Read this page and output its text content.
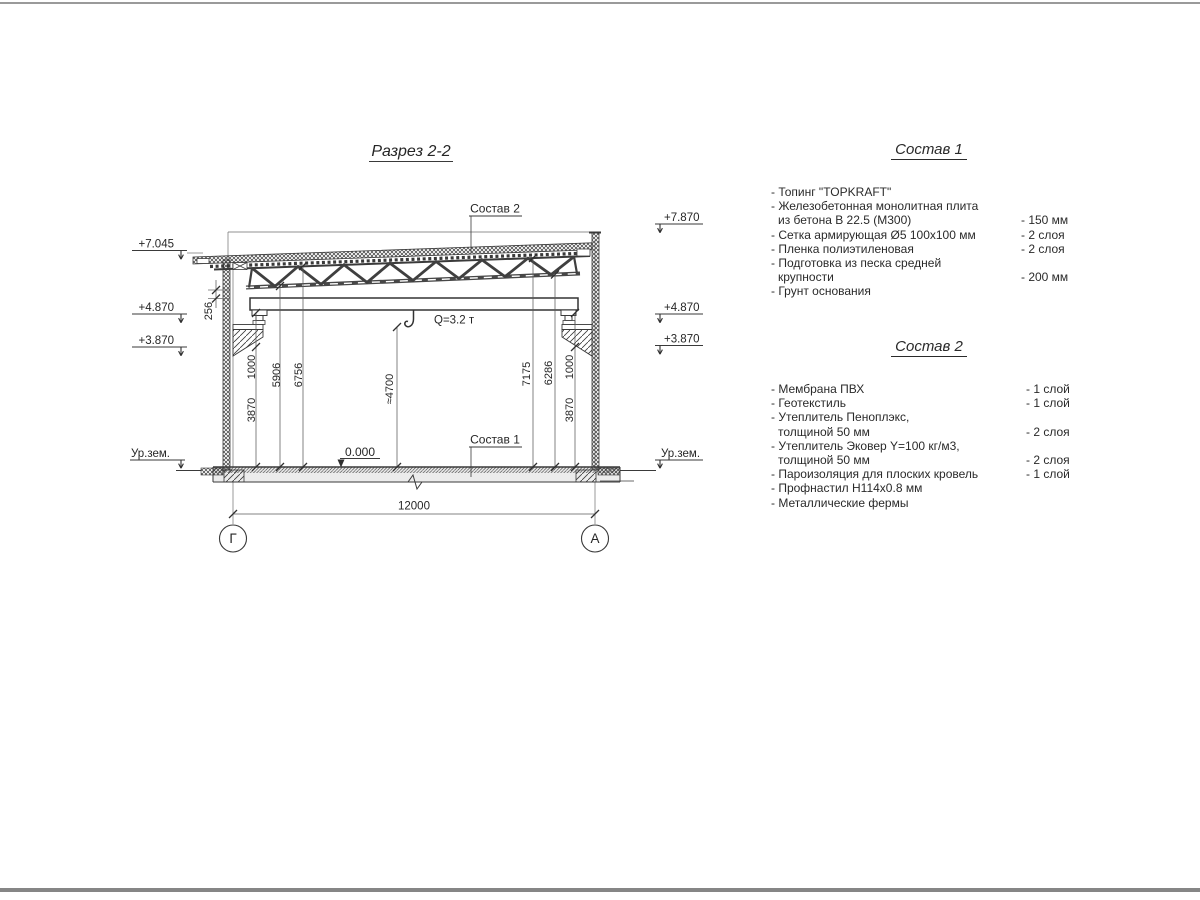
Q=3.2 т
1000 5906 6756
3870
≈4700	7175 6286 1000
3870
256
+7.045
+4.870
+3.870
Ур.зем.
+7.870
+4.870
+3.870
Ур.зем.
Состав 2
Состав 1
0.000
12000
Г	А
Разрез 2-2	Состав 1
- Топинг "TOPKRAFT"
- Железобетонная монолитная плита
из бетона В 22.5 (М300)	- 150 мм
- Сетка армирующая Ø5 100x100 мм	- 2 слоя
- Пленка полиэтиленовая	- 2 слоя
- Подготовка из песка средней
крупности	- 200 мм
- Грунт основания
Состав 2
- Мембрана ПВХ	- 1 слой
- Геотекстиль	- 1 слой
- Утеплитель Пеноплэкс,
толщиной 50 мм	- 2 слоя
- Утеплитель Эковер Y=100 кг/м3,
толщиной 50 мм	- 2 слоя
- Пароизоляция для плоских кровель	- 1 слой
- Профнастил Н114х0.8 мм
- Металлические фермы
